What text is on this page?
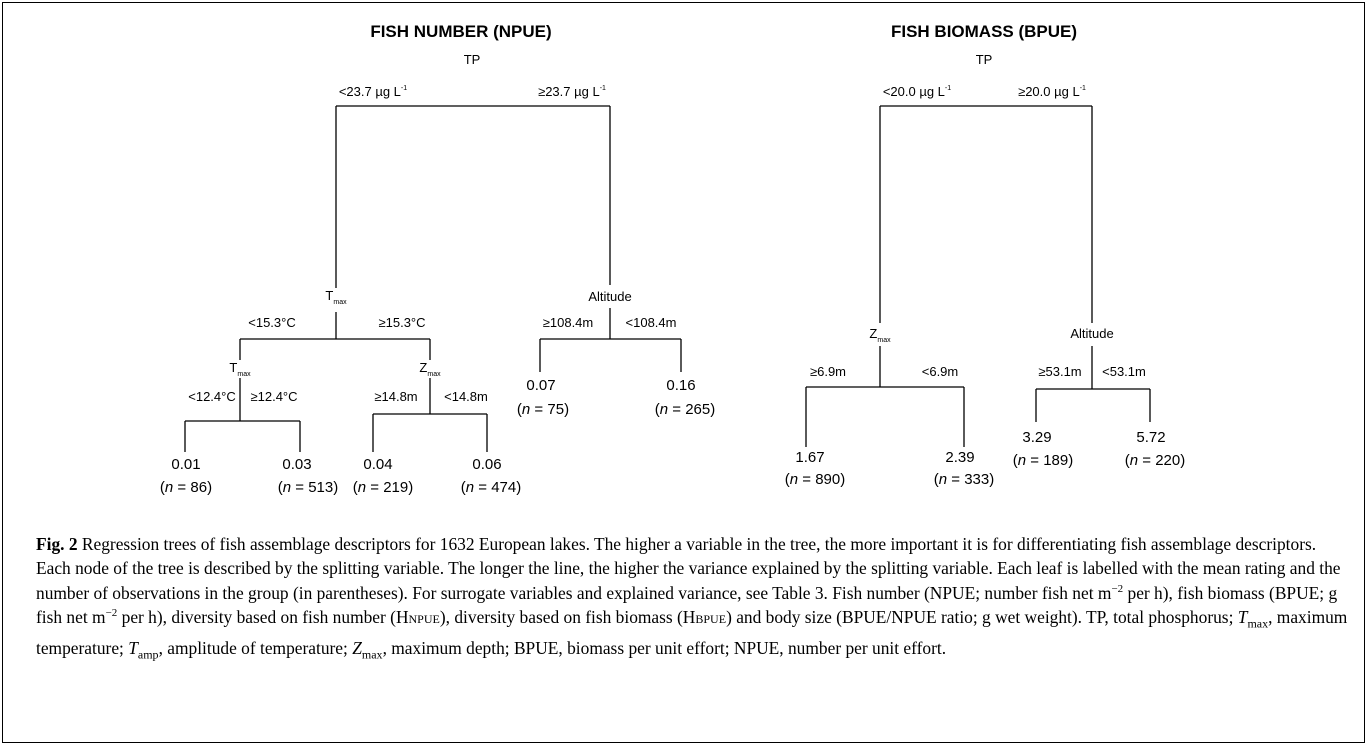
FISH NUMBER (NPUE)
TP
<23.7 µg $L^{-1}$	≥23.7 µg $L^{-1}$
$T_{max}$
<15.3°C	≥15.3°C
Altitude
≥108.4m <108.4m
$T_{max}$
<12.4°C ≥12.4°C
$Z_{max}$
≥14.8m <14.8m
0.01
(n = 86)
0.03
(n = 513)
0.04
(n = 219)
0.06
(n = 474)
0.07
(n = 75)
0.16
(n = 265)
FISH BIOMASS (BPUE)
TP
<20.0 µg $L^{-1}$	≥20.0 µg $L^{-1}$
$Z_{max}$
≥6.9m	<6.9m
Altitude
≥53.1m <53.1m
1.67
(n = 890)
2.39
(n = 333)
3.29
(n = 189)
5.72
(n = 220)
Fig. 2 Regression trees of fish assemblage descriptors for 1632 European lakes. The higher a variable in the tree, the more important it is for differentiating fish assemblage descriptors. Each node of the tree is described by the splitting variable. The longer the line, the higher the variance explained by the splitting variable. Each leaf is labelled with the mean rating and the number of observations in the group (in parentheses). For surrogate variables and explained variance, see Table 3. Fish number (NPUE; number fish net $m^{-2}$ per h), fish biomass (BPUE; g fish net $m^{-2}$ per h), diversity based on fish number (HNPUE), diversity based on fish biomass (HBPUE) and body size (BPUE/NPUE ratio; g wet weight). TP, total phosphorus; $T_{max}$, maximum temperature; $T_{amp}$, amplitude of temperature; $Z_{max}$, maximum depth; BPUE, biomass per unit effort; NPUE, number per unit effort.
